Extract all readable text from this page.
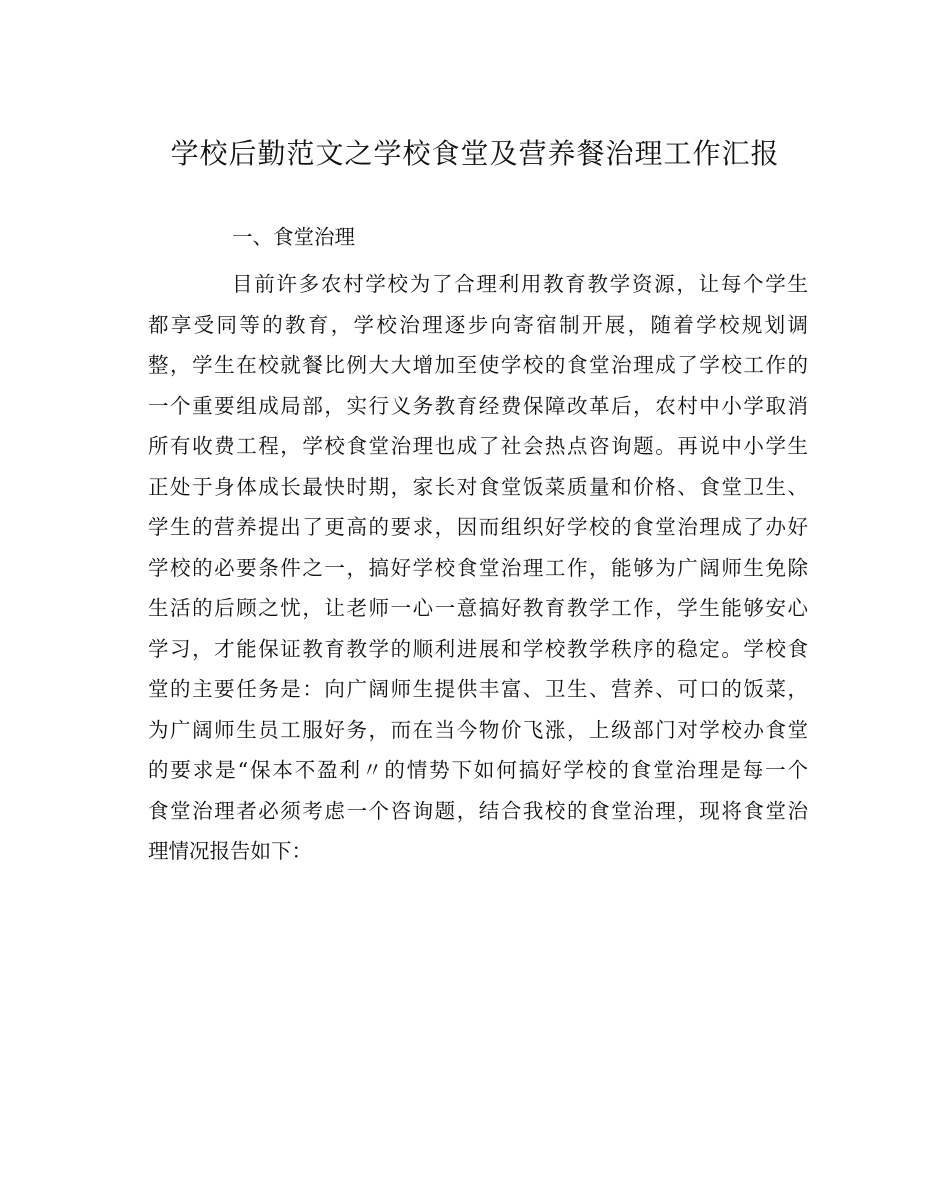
学校后勤范文之学校食堂及营养餐治理工作汇报
一、食堂治理
目前许多农村学校为了合理利用教育教学资源，让每个学生
都享受同等的教育，学校治理逐步向寄宿制开展，随着学校规划调
整，学生在校就餐比例大大增加至使学校的食堂治理成了学校工作的
一个重要组成局部，实行义务教育经费保障改革后，农村中小学取消
所有收费工程，学校食堂治理也成了社会热点咨询题。再说中小学生
正处于身体成长最快时期，家长对食堂饭菜质量和价格、食堂卫生、
学生的营养提出了更高的要求，因而组织好学校的食堂治理成了办好
学校的必要条件之一，搞好学校食堂治理工作，能够为广阔师生免除
生活的后顾之忧，让老师一心一意搞好教育教学工作，学生能够安心
学习，才能保证教育教学的顺利进展和学校教学秩序的稳定。学校食
堂的主要任务是：向广阔师生提供丰富、卫生、营养、可口的饭菜，
为广阔师生员工服好务，而在当今物价飞涨，上级部门对学校办食堂
的要求是“保本不盈利〃的情势下如何搞好学校的食堂治理是每一个
食堂治理者必须考虑一个咨询题，结合我校的食堂治理，现将食堂治
理情况报告如下：
